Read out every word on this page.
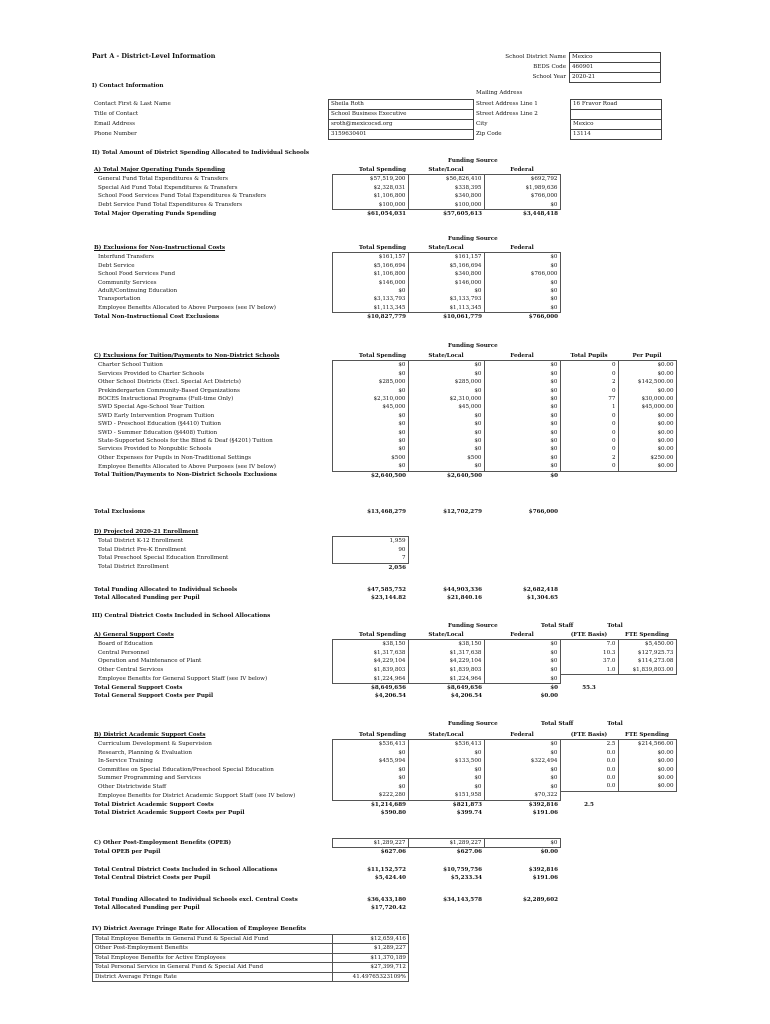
Part A - District-Level Information	School District Name	Mexico
BEDS Code	460901
School Year	2020-21
I) Contact Information
Contact First & Last Name	Sheila Roth
Title of Contact	School Business Executive
Email Address	sroth@mexicocsd.org
Phone Number	3159630401
Mailing Address
Street Address Line 1	16 Fravor Road
Street Address Line 2	
City	Mexico
Zip Code	13114
II) Total Amount of District Spending Allocated to Individual Schools
Funding Source
A) Total Major Operating Funds Spending	Total Spending	State/Local	Federal
General Fund Total Expenditures & Transfers	$57,519,200	$56,826,410	$692,792
Special Aid Fund Total Expenditures & Transfers	$2,328,031	$338,395	$1,989,636
School Food Services Fund Total Expenditures & Transfers	$1,106,800	$340,800	$766,000
Debt Service Fund Total Expenditures & Transfers	$100,000	$100,000	$0
Total Major Operating Funds Spending	$61,054,031	$57,605,613	$3,448,418
Funding Source
B) Exclusions for Non-Instructional Costs	Total Spending	State/Local	Federal
Interfund Transfers	$161,157	$161,157	$0
Debt Service	$5,166,694	$5,166,694	$0
School Food Services Fund	$1,106,800	$340,800	$766,000
Community Services	$146,000	$146,000	$0
Adult/Continuing Education	$0	$0	$0
Transportation	$3,133,793	$3,133,793	$0
Employee Benefits Allocated to Above Purposes (see IV below)	$1,113,345	$1,113,345	$0
Total Non-Instructional Cost Exclusions	$10,827,779	$10,061,779	$766,000
Funding Source
C) Exclusions for Tuition/Payments to Non-District Schools	Total Spending	State/Local	Federal	Total Pupils	Per Pupil
Charter School Tuition	$0	$0	$0	0	$0.00
Services Provided to Charter Schools	$0	$0	$0	0	$0.00
Other School Districts (Excl. Special Act Districts)	$285,000	$285,000	$0	2	$142,500.00
Prekindergarten Community-Based Organizations	$0	$0	$0	0	$0.00
BOCES Instructional Programs (Full-time Only)	$2,310,000	$2,310,000	$0	77	$30,000.00
SWD Special Age-School Year Tuition	$45,000	$45,000	$0	1	$45,000.00
SWD Early Intervention Program Tuition	$0	$0	$0	0	$0.00
SWD - Preschool Education (§4410) Tuition	$0	$0	$0	0	$0.00
SWD - Summer Education (§4408) Tuition	$0	$0	$0	0	$0.00
State-Supported Schools for the Blind & Deaf (§4201) Tuition	$0	$0	$0	0	$0.00
Services Provided to Nonpublic Schools	$0	$0	$0	0	$0.00
Other Expenses for Pupils in Non-Traditional Settings	$500	$500	$0	2	$250.00
Employee Benefits Allocated to Above Purposes (see IV below)	$0	$0	$0	0	$0.00
Total Tuition/Payments to Non-District Schools Exclusions	$2,640,500	$2,640,500	$0		
Total Exclusions	$13,468,279	$12,702,279	$766,000
D) Projected 2020-21 Enrollment	
Total District K-12 Enrollment	1,959
Total District Pre-K Enrollment	90
Total Preschool Special Education Enrollment	7
Total District Enrollment	2,056
Total Funding Allocated to Individual Schools	$47,585,752	$44,903,336	$2,682,418
Total Allocated Funding per Pupil	$23,144.82	$21,840.16	$1,304.65
III) Central District Costs Included in School Allocations
Funding Source	Total Staff	Total
A) General Support Costs	Total Spending	State/Local	Federal	(FTE Basis)	FTE Spending
Board of Education	$38,150	$38,150	$0	7.0	$5,450.00
Central Personnel	$1,317,638	$1,317,638	$0	10.3	$127,925.73
Operation and Maintenance of Plant	$4,229,104	$4,229,104	$0	37.0	$114,273.08
Other Central Services	$1,839,803	$1,839,803	$0	1.0	$1,839,803.00
Employee Benefits for General Support Staff (see IV below)	$1,224,964	$1,224,964	$0		
Total General Support Costs	$8,649,656	$8,649,656	$0	55.3	
Total General Support Costs per Pupil	$4,206.54	$4,206.54	$0.00		
Funding Source	Total Staff	Total
B) District Academic Support Costs	Total Spending	State/Local	Federal	(FTE Basis)	FTE Spending
Curriculum Development & Supervision	$536,413	$536,413	$0	2.5	$214,566.00
Research, Planning & Evaluation	$0	$0	$0	0.0	$0.00
In-Service Training	$455,994	$133,500	$322,494	0.0	$0.00
Committee on Special Education/Preschool Special Education	$0	$0	$0	0.0	$0.00
Summer Programming and Services	$0	$0	$0	0.0	$0.00
Other Districtwide Staff	$0	$0	$0	0.0	$0.00
Employee Benefits for District Academic Support Staff (see IV below)	$222,280	$151,958	$70,322		
Total District Academic Support Costs	$1,214,689	$821,873	$392,816	2.5	
Total District Academic Support Costs per Pupil	$590.80	$399.74	$191.06		
C) Other Post-Employment Benefits (OPEB)	$1,289,227	$1,289,227	$0
Total OPEB per Pupil	$627.06	$627.06	$0.00
Total Central District Costs Included in School Allocations	$11,152,572	$10,759,756	$392,816
Total Central District Costs per Pupil	$5,424.40	$5,233.34	$191.06
Total Funding Allocated to Individual Schools excl. Central Costs	$36,433,180	$34,143,578	$2,289,602
Total Allocated Funding per Pupil	$17,720.42		
IV) District Average Fringe Rate for Allocation of Employee Benefits
Total Employee Benefits in General Fund & Special Aid Fund	$12,659,416
Other Post-Employment Benefits	$1,289,227
Total Employee Benefits for Active Employees	$11,370,189
Total Personal Service in General Fund & Special Aid Fund	$27,399,712
District Average Fringe Rate	41.49765323109%
